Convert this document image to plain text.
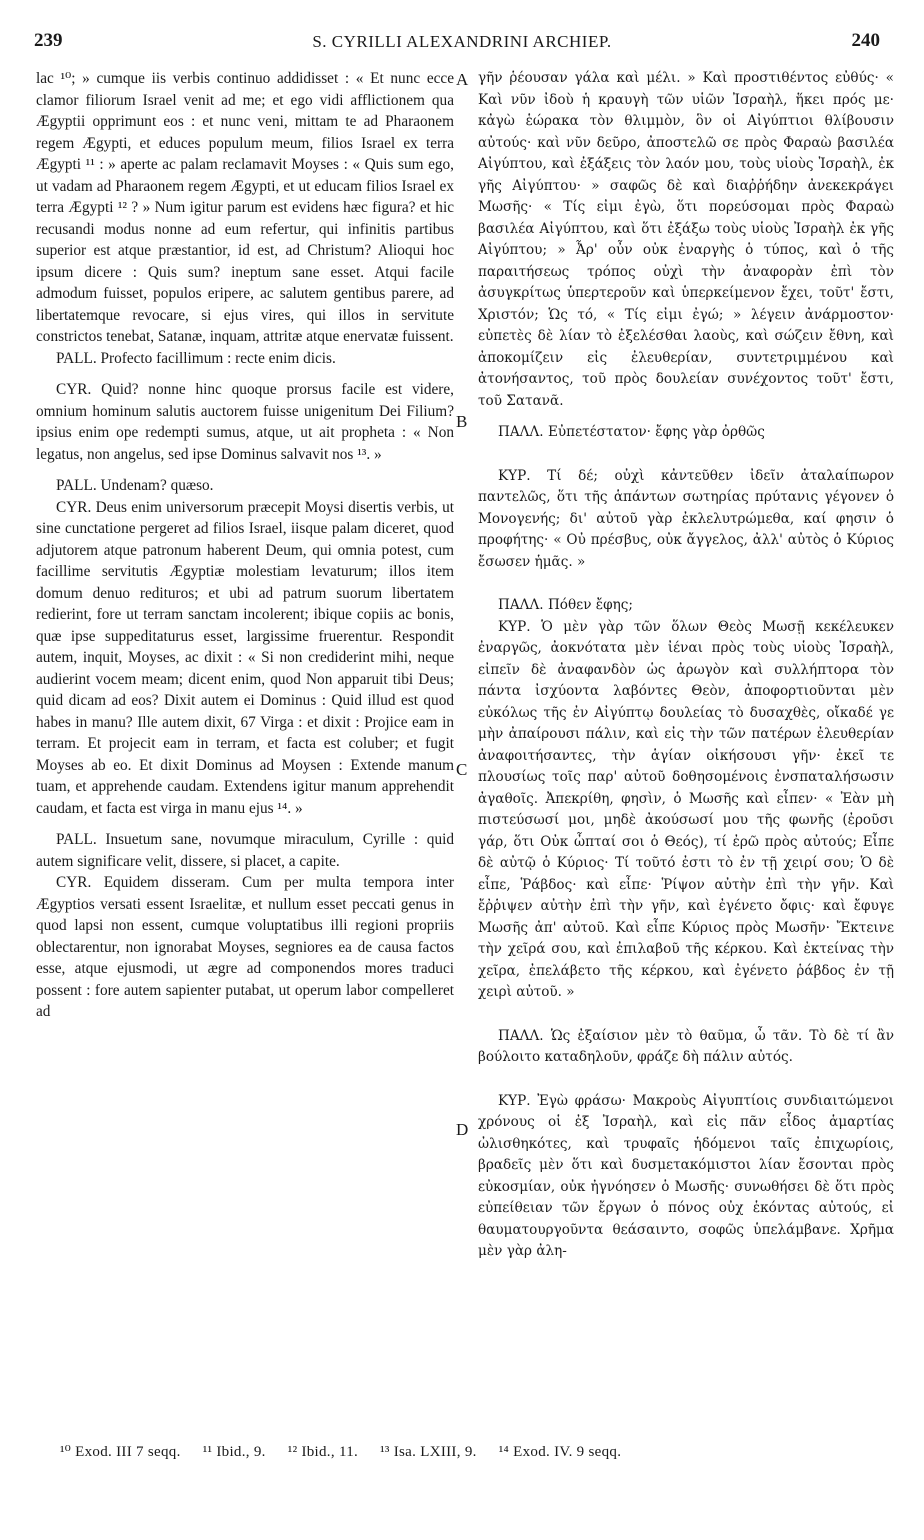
239	S. CYRILLI ALEXANDRINI ARCHIEP.	240

lac ¹⁰; » cumque iis verbis continuo addidisset : « Et nunc ecce clamor filiorum Israel venit ad me; et ego vidi afflictionem qua Ægyptii opprimunt eos : et nunc veni, mittam te ad Pharaonem regem Ægypti, et educes populum meum, filios Israel ex terra Ægypti ¹¹ : » aperte ac palam reclamavit Moyses : « Quis sum ego, ut vadam ad Pharaonem regem Ægypti, et ut educam filios Israel ex terra Ægypti ¹² ? » Num igitur parum est evidens hæc figura? et hic recusandi modus nonne ad eum refertur, qui infinitis partibus superior est atque præstantior, id est, ad Christum? Alioqui hoc ipsum dicere : Quis sum? ineptum sane esset. Atqui facile admodum fuisset, populos eripere, ac salutem gentibus parere, ad libertatemque revocare, si ejus vires, qui illos in servitute constrictos tenebat, Satanæ, inquam, attritæ atque enervatæ fuissent.

PALL. Profecto facillimum : recte enim dicis.

CYR. Quid? nonne hinc quoque prorsus facile est videre, omnium hominum salutis auctorem fuisse unigenitum Dei Filium? ipsius enim ope redempti sumus, atque, ut ait propheta : « Non legatus, non angelus, sed ipse Dominus salvavit nos ¹³. »

PALL. Undenam? quæso.

CYR. Deus enim universorum præcepit Moysi disertis verbis, ut sine cunctatione pergeret ad filios Israel, iisque palam diceret, quod adjutorem atque patronum haberent Deum, qui omnia potest, cum facillime servitutis Ægyptiæ molestiam levaturum; illos item domum denuo redituros; et ubi ad patrum suorum libertatem redierint, fore ut terram sanctam incolerent; ibique copiis ac bonis, quæ ipse suppeditaturus esset, largissime fruerentur. Respondit autem, inquit, Moyses, ac dixit : « Si non crediderint mihi, neque audierint vocem meam; dicent enim, quod Non apparuit tibi Deus; quid dicam ad eos? Dixit autem ei Dominus : Quid illud est quod habes in manu? Ille autem dixit, 67 Virga : et dixit : Projice eam in terram. Et projecit eam in terram, et facta est coluber; et fugit Moyses ab eo. Et dixit Dominus ad Moysen : Extende manum tuam, et apprehende caudam. Extendens igitur manum apprehendit caudam, et facta est virga in manu ejus ¹⁴. »

PALL. Insuetum sane, novumque miraculum, Cyrille : quid autem significare velit, dissere, si placet, a capite.

CYR. Equidem disseram. Cum per multa tempora inter Ægyptios versati essent Israelitæ, et nullum esset peccati genus in quod lapsi non essent, cumque voluptatibus illi regioni propriis oblectarentur, non ignorabat Moyses, segniores ea de causa factos esse, atque ejusmodi, ut ægre ad componendos mores traduci possent : fore autem sapienter putabat, ut operum labor compelleret ad

A
B
C
D

γῆν ῥέουσαν γάλα καὶ μέλι. » Καὶ προστιθέντος εὐθύς· « Καὶ νῦν ἰδοὺ ἡ κραυγὴ τῶν υἱῶν Ἰσραὴλ, ἥκει πρός με· κἀγὼ ἑώρακα τὸν θλιμμὸν, ὃν οἱ Αἰγύπτιοι θλίβουσιν αὐτούς· καὶ νῦν δεῦρο, ἀποστελῶ σε πρὸς Φαραὼ βασιλέα Αἰγύπτου, καὶ ἐξάξεις τὸν λαόν μου, τοὺς υἱοὺς Ἰσραὴλ, ἐκ γῆς Αἰγύπτου· » σαφῶς δὲ καὶ διαῤῥήδην ἀνεκεκράγει Μωσῆς· « Τίς εἰμι ἐγὼ, ὅτι πορεύσομαι πρὸς Φαραὼ βασιλέα Αἰγύπτου, καὶ ὅτι ἐξάξω τοὺς υἱοὺς Ἰσραὴλ ἐκ γῆς Αἰγύπτου; » Ἆρ' οὖν οὐκ ἐναργὴς ὁ τύπος, καὶ ὁ τῆς παραιτήσεως τρόπος οὐχὶ τὴν ἀναφορὰν ἐπὶ τὸν ἀσυγκρίτως ὑπερτεροῦν καὶ ὑπερκείμενον ἔχει, τοῦτ' ἔστι, Χριστόν; Ὡς τό, « Τίς εἰμι ἐγώ; » λέγειν ἀνάρμοστον· εὐπετὲς δὲ λίαν τὸ ἐξελέσθαι λαοὺς, καὶ σώζειν ἔθνη, καὶ ἀποκομίζειν εἰς ἐλευθερίαν, συντετριμμένου καὶ ἀτονήσαντος, τοῦ πρὸς δουλείαν συνέχοντος τοῦτ' ἔστι, τοῦ Σατανᾶ.

ΠΑΛΛ. Εὐπετέστατον· ἔφης γὰρ ὀρθῶς

ΚΥΡ. Τί δέ; οὐχὶ κἀντεῦθεν ἰδεῖν ἀταλαίπωρον παντελῶς, ὅτι τῆς ἁπάντων σωτηρίας πρύτανις γέγονεν ὁ Μονογενής; δι' αὐτοῦ γὰρ ἐκλελυτρώμεθα, καί φησιν ὁ προφήτης· « Οὐ πρέσβυς, οὐκ ἄγγελος, ἀλλ' αὐτὸς ὁ Κύριος ἔσωσεν ἡμᾶς. »

ΠΑΛΛ. Πόθεν ἔφης;

ΚΥΡ. Ὁ μὲν γὰρ τῶν ὅλων Θεὸς Μωσῇ κεκέλευκεν ἐναργῶς, ἀοκνότατα μὲν ἰέναι πρὸς τοὺς υἱοὺς Ἰσραὴλ, εἰπεῖν δὲ ἀναφανδὸν ὡς ἀρωγὸν καὶ συλλήπτορα τὸν πάντα ἰσχύοντα λαβόντες Θεὸν, ἀποφορτιοῦνται μὲν εὐκόλως τῆς ἐν Αἰγύπτῳ δουλείας τὸ δυσαχθὲς, οἴκαδέ γε μὴν ἀπαίρουσι πάλιν, καὶ εἰς τὴν τῶν πατέρων ἐλευθερίαν ἀναφοιτήσαντες, τὴν ἁγίαν οἰκήσουσι γῆν· ἐκεῖ τε πλουσίως τοῖς παρ' αὐτοῦ δοθησομένοις ἐνσπαταλήσωσιν ἀγαθοῖς. Ἀπεκρίθη, φησὶν, ὁ Μωσῆς καὶ εἶπεν· « Ἐὰν μὴ πιστεύσωσί μοι, μηδὲ ἀκούσωσί μου τῆς φωνῆς (ἐροῦσι γάρ, ὅτι Οὐκ ὦπταί σοι ὁ Θεός), τί ἐρῶ πρὸς αὐτούς; Εἶπε δὲ αὐτῷ ὁ Κύριος· Τί τοῦτό ἐστι τὸ ἐν τῇ χειρί σου; Ὁ δὲ εἶπε, Ῥάβδος· καὶ εἶπε· Ῥίψον αὐτὴν ἐπὶ τὴν γῆν. Καὶ ἔῤῥιψεν αὐτὴν ἐπὶ τὴν γῆν, καὶ ἐγένετο ὄφις· καὶ ἔφυγε Μωσῆς ἀπ' αὐτοῦ. Καὶ εἶπε Κύριος πρὸς Μωσῆν· Ἔκτεινε τὴν χεῖρά σου, καὶ ἐπιλαβοῦ τῆς κέρκου. Καὶ ἐκτείνας τὴν χεῖρα, ἐπελάβετο τῆς κέρκου, καὶ ἐγένετο ῥάβδος ἐν τῇ χειρὶ αὐτοῦ. »

ΠΑΛΛ. Ὡς ἐξαίσιον μὲν τὸ θαῦμα, ὦ τᾶν. Τὸ δὲ τί ἂν βούλοιτο καταδηλοῦν, φράζε δὴ πάλιν αὐτός.

ΚΥΡ. Ἐγὼ φράσω· Μακροὺς Αἰγυπτίοις συνδιαιτώμενοι χρόνους οἱ ἐξ Ἰσραὴλ, καὶ εἰς πᾶν εἶδος ἁμαρτίας ὠλισθηκότες, καὶ τρυφαῖς ἡδόμενοι ταῖς ἐπιχωρίοις, βραδεῖς μὲν ὅτι καὶ δυσμετακόμιστοι λίαν ἔσονται πρὸς εὐκοσμίαν, οὐκ ἠγνόησεν ὁ Μωσῆς· συνωθήσει δὲ ὅτι πρὸς εὐπείθειαν τῶν ἔργων ὁ πόνος οὐχ ἑκόντας αὐτούς, εἰ θαυματουργοῦντα θεάσαιντο, σοφῶς ὑπελάμβανε. Χρῆμα μὲν γὰρ ἀλη-

¹⁰ Exod. III 7 seqq. ¹¹ Ibid., 9. ¹² Ibid., 11. ¹³ Isa. LXIII, 9. ¹⁴ Exod. IV. 9 seqq.
